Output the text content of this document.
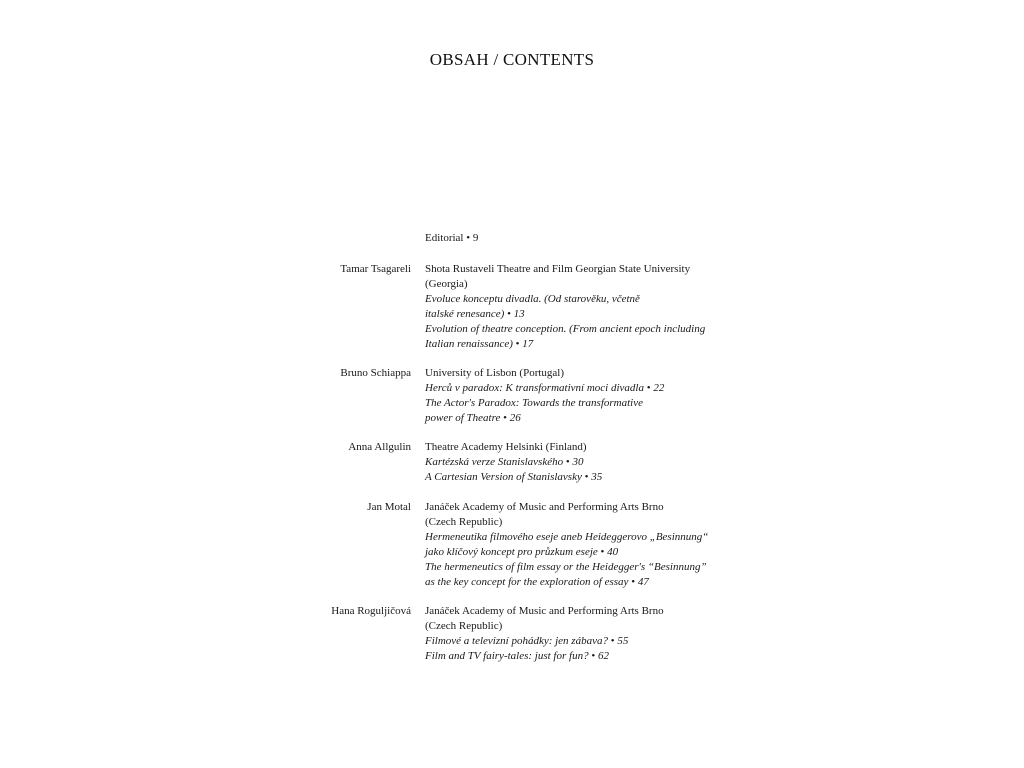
OBSAH / CONTENTS
Editorial • 9
Tamar Tsagareli Shota Rustaveli Theatre and Film Georgian State University
(Georgia)
Evoluce konceptu divadla. (Od starověku, včetně
italské renesance) • 13
Evolution of theatre conception. (From ancient epoch including
Italian renaissance) • 17
Bruno Schiappa University of Lisbon (Portugal)
Herců v paradox: K transformativní moci divadla • 22
The Actor's Paradox: Towards the transformative
power of Theatre • 26
Anna Allgulin Theatre Academy Helsinki (Finland)
Kartézská verze Stanislavského • 30
A Cartesian Version of Stanislavsky • 35
Jan Motal Janáček Academy of Music and Performing Arts Brno
(Czech Republic)
Hermeneutika filmového eseje aneb Heideggerovo „Besinnung“
jako klíčový koncept pro průzkum eseje • 40
The hermeneutics of film essay or the Heidegger's “Besinnung”
as the key concept for the exploration of essay • 47
Hana Roguljičová Janáček Academy of Music and Performing Arts Brno
(Czech Republic)
Filmové a televizní pohádky: jen zábava? • 55
Film and TV fairy-tales: just for fun? • 62
